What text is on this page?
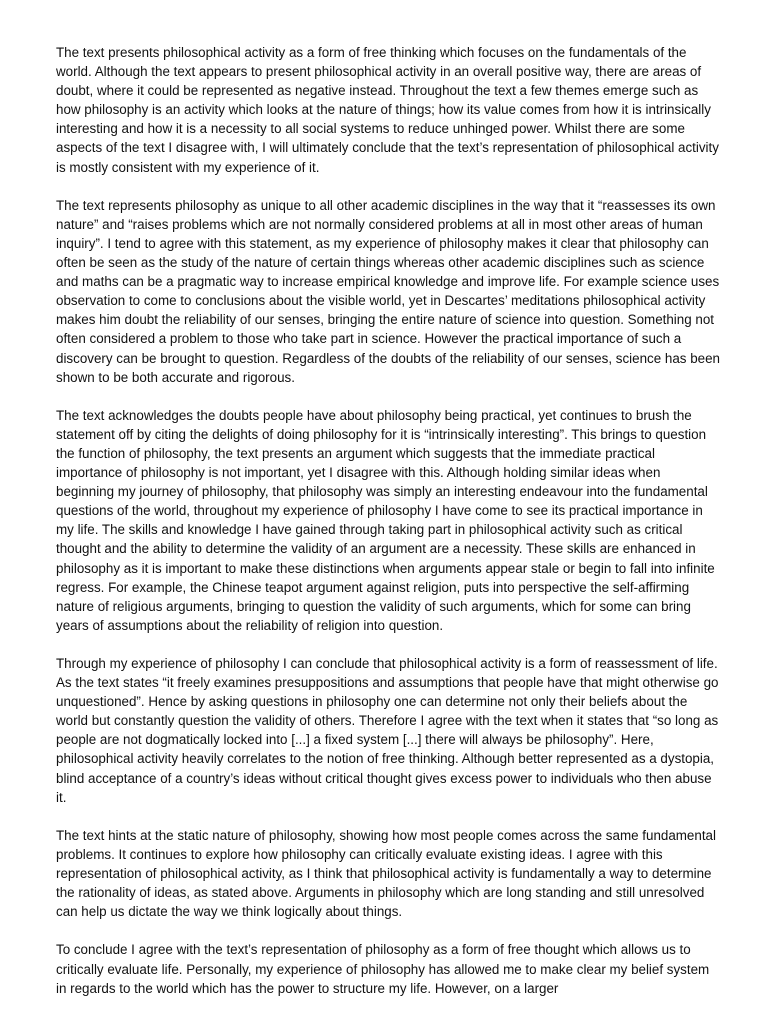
The text presents philosophical activity as a form of free thinking which focuses on the fundamentals of the world. Although the text appears to present philosophical activity in an overall positive way, there are areas of doubt, where it could be represented as negative instead. Throughout the text a few themes emerge such as how philosophy is an activity which looks at the nature of things; how its value comes from how it is intrinsically interesting and how it is a necessity to all social systems to reduce unhinged power. Whilst there are some aspects of the text I disagree with, I will ultimately conclude that the text’s representation of philosophical activity is mostly consistent with my experience of it.

The text represents philosophy as unique to all other academic disciplines in the way that it “reassesses its own nature” and “raises problems which are not normally considered problems at all in most other areas of human inquiry”. I tend to agree with this statement, as my experience of philosophy makes it clear that philosophy can often be seen as the study of the nature of certain things whereas other academic disciplines such as science and maths can be a pragmatic way to increase empirical knowledge and improve life. For example science uses observation to come to conclusions about the visible world, yet in Descartes’ meditations philosophical activity makes him doubt the reliability of our senses, bringing the entire nature of science into question. Something not often considered a problem to those who take part in science. However the practical importance of such a discovery can be brought to question. Regardless of the doubts of the reliability of our senses, science has been shown to be both accurate and rigorous.

The text acknowledges the doubts people have about philosophy being practical, yet continues to brush the statement off by citing the delights of doing philosophy for it is “intrinsically interesting”. This brings to question the function of philosophy, the text presents an argument which suggests that the immediate practical importance of philosophy is not important, yet I disagree with this. Although holding similar ideas when beginning my journey of philosophy, that philosophy was simply an interesting endeavour into the fundamental questions of the world, throughout my experience of philosophy I have come to see its practical importance in my life. The skills and knowledge I have gained through taking part in philosophical activity such as critical thought and the ability to determine the validity of an argument are a necessity. These skills are enhanced in philosophy as it is important to make these distinctions when arguments appear stale or begin to fall into infinite regress. For example, the Chinese teapot argument against religion, puts into perspective the self-affirming nature of religious arguments, bringing to question the validity of such arguments, which for some can bring years of assumptions about the reliability of religion into question.

Through my experience of philosophy I can conclude that philosophical activity is a form of reassessment of life. As the text states “it freely examines presuppositions and assumptions that people have that might otherwise go unquestioned”. Hence by asking questions in philosophy one can determine not only their beliefs about the world but constantly question the validity of others. Therefore I agree with the text when it states that “so long as people are not dogmatically locked into [...] a fixed system [...] there will always be philosophy”. Here, philosophical activity heavily correlates to the notion of free thinking. Although better represented as a dystopia, blind acceptance of a country’s ideas without critical thought gives excess power to individuals who then abuse it.

The text hints at the static nature of philosophy, showing how most people comes across the same fundamental problems. It continues to explore how philosophy can critically evaluate existing ideas. I agree with this representation of philosophical activity, as I think that philosophical activity is fundamentally a way to determine the rationality of ideas, as stated above. Arguments in philosophy which are long standing and still unresolved can help us dictate the way we think logically about things.

To conclude I agree with the text’s representation of philosophy as a form of free thought which allows us to critically evaluate life. Personally, my experience of philosophy has allowed me to make clear my belief system in regards to the world which has the power to structure my life. However, on a larger
